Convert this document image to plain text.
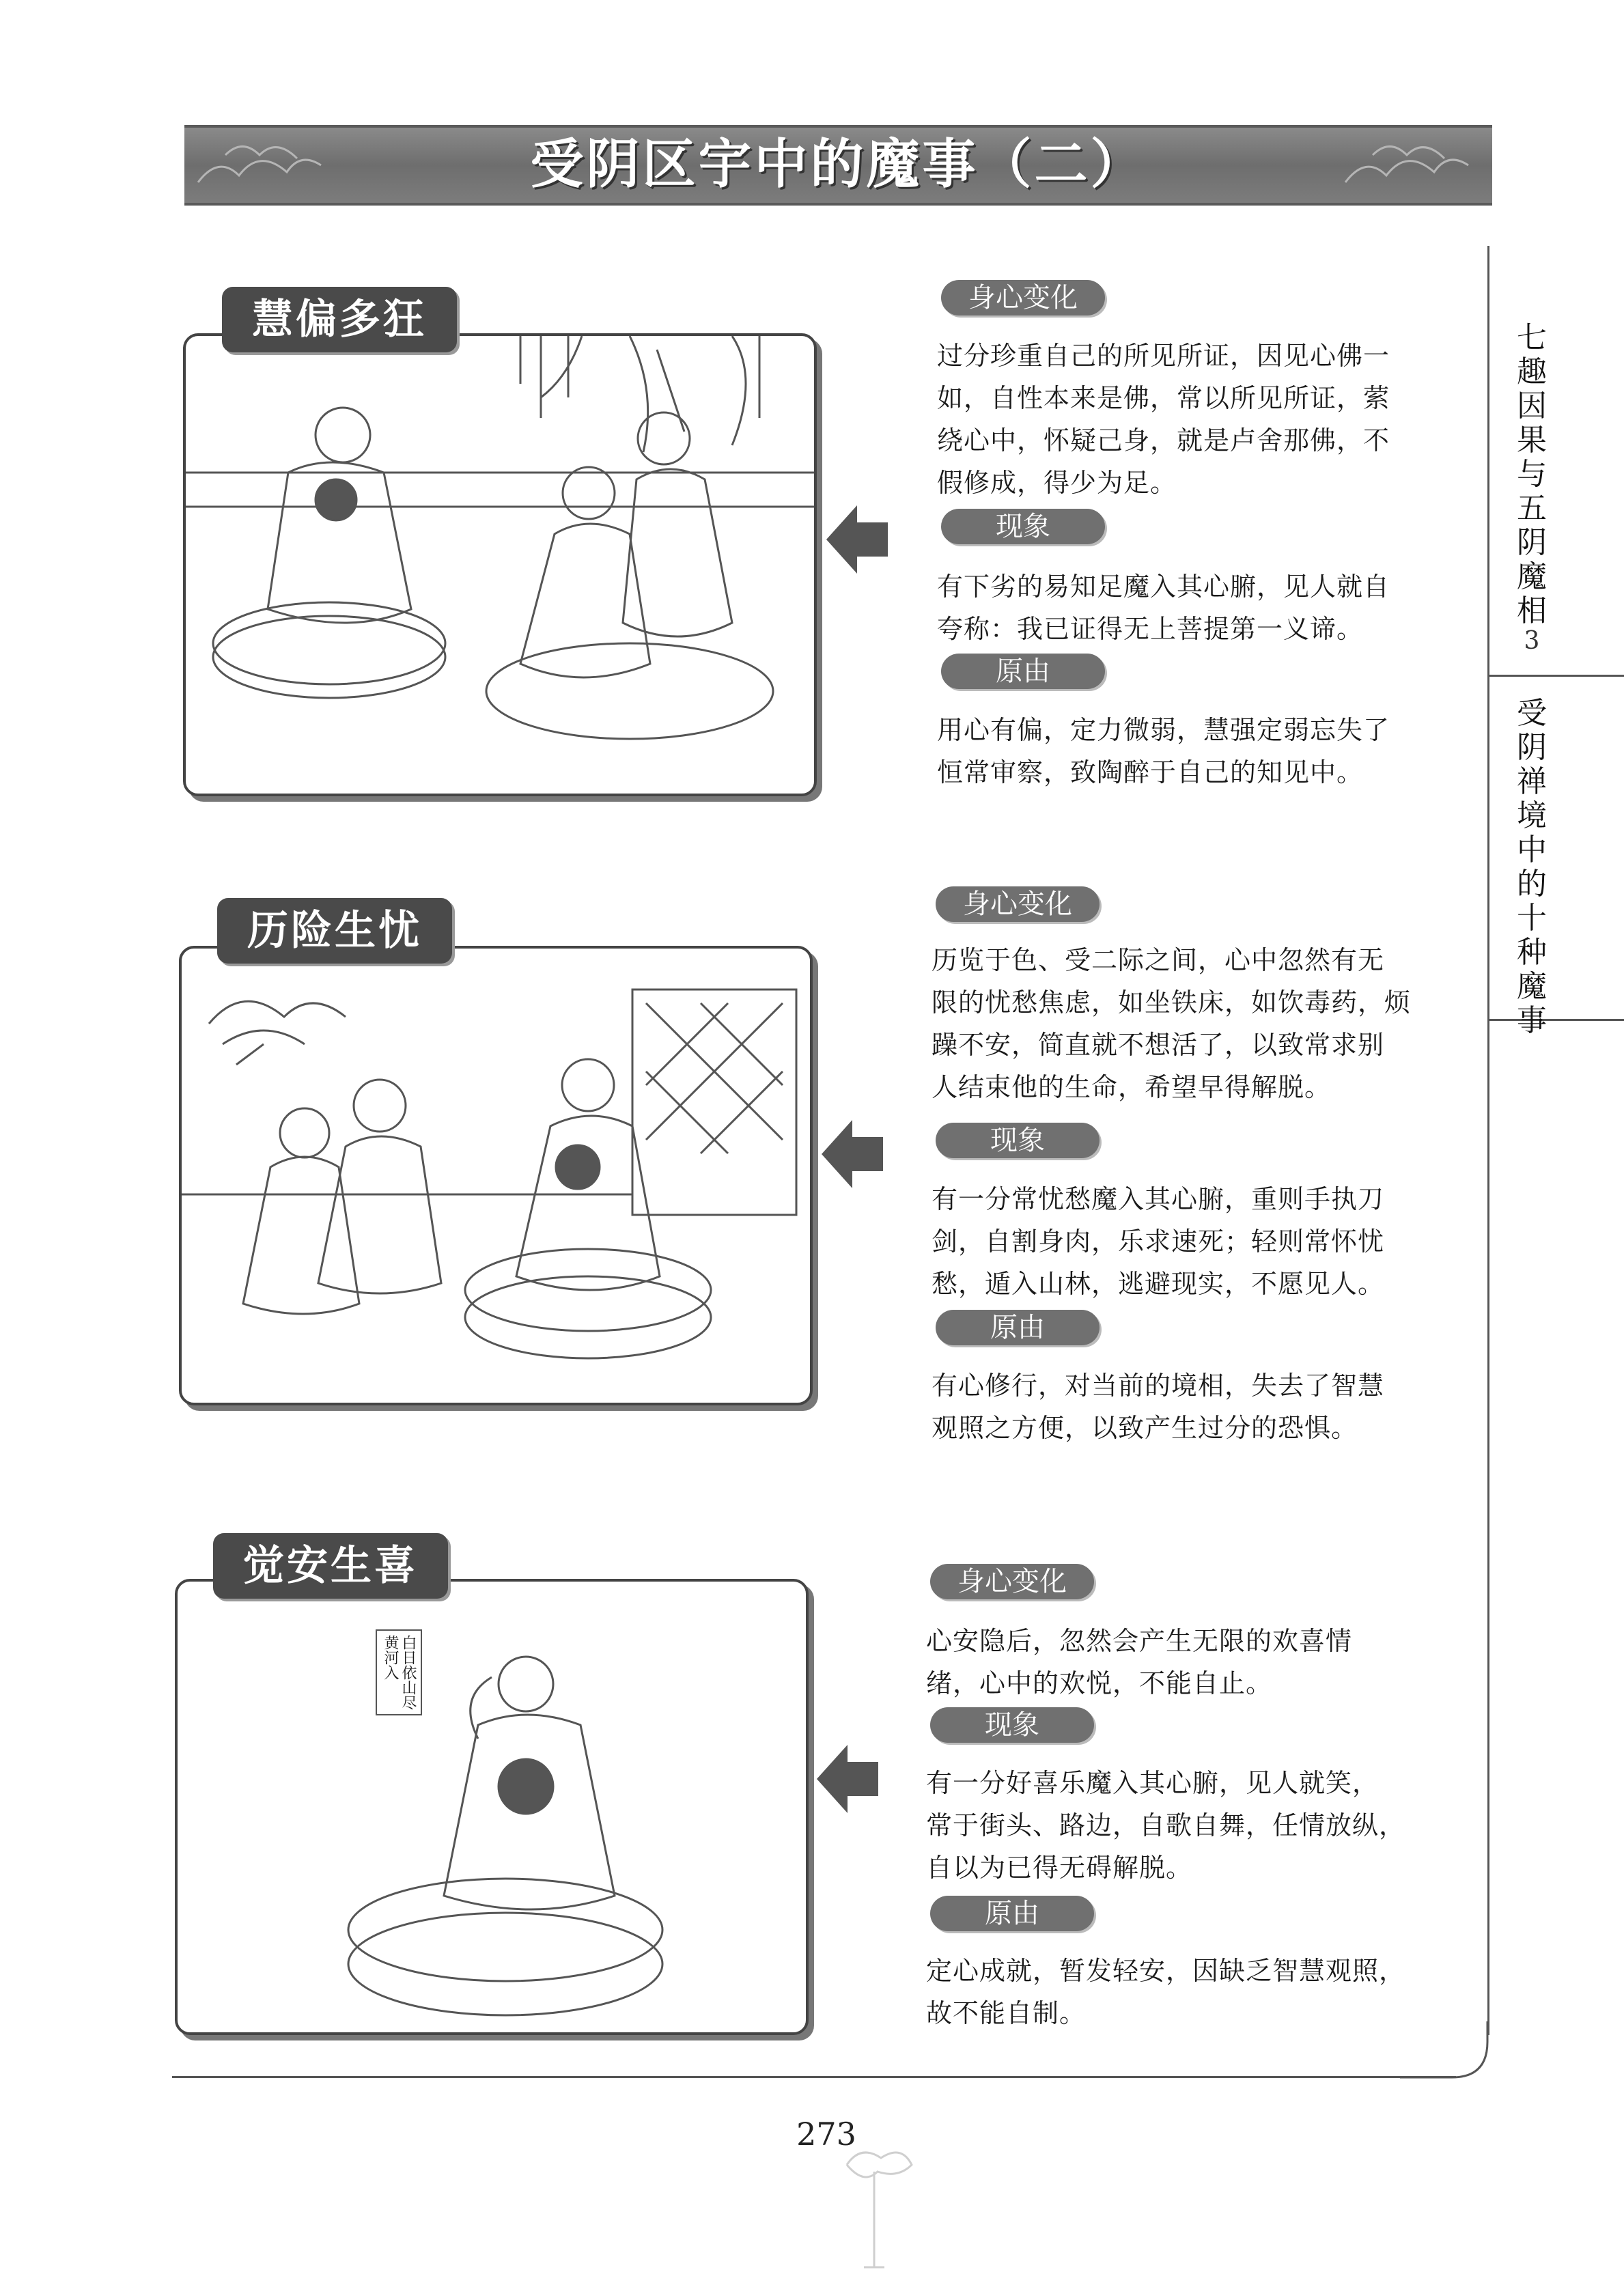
受阴区宇中的魔事（二）
七趣因果与五阴魔相
3
受阴禅境中的十种魔事
慧偏多狂	身心变化
过分珍重自己的所见所证，因见心佛一
如，自性本来是佛，常以所见所证，萦
绕心中，怀疑己身，就是卢舍那佛，不
假修成，得少为足。
现象
有下劣的易知足魔入其心腑，见人就自
夸称：我已证得无上菩提第一义谛。
原由
用心有偏，定力微弱，慧强定弱忘失了
恒常审察，致陶醉于自己的知见中。
历险生忧
身心变化
历览于色、受二际之间，心中忽然有无
限的忧愁焦虑，如坐铁床，如饮毒药，烦
躁不安，简直就不想活了，以致常求别
人结束他的生命，希望早得解脱。
现象
有一分常忧愁魔入其心腑，重则手执刀
剑，自割身肉，乐求速死；轻则常怀忧
愁，遁入山林，逃避现实，不愿见人。
原由
有心修行，对当前的境相，失去了智慧
观照之方便，以致产生过分的恐惧。
白日依山尽 黄河入
觉安生喜	身心变化
心安隐后，忽然会产生无限的欢喜情
绪，心中的欢悦，不能自止。
现象
有一分好喜乐魔入其心腑，见人就笑，
常于街头、路边，自歌自舞，任情放纵，
自以为已得无碍解脱。
原由
定心成就，暂发轻安，因缺乏智慧观照，
故不能自制。
273
